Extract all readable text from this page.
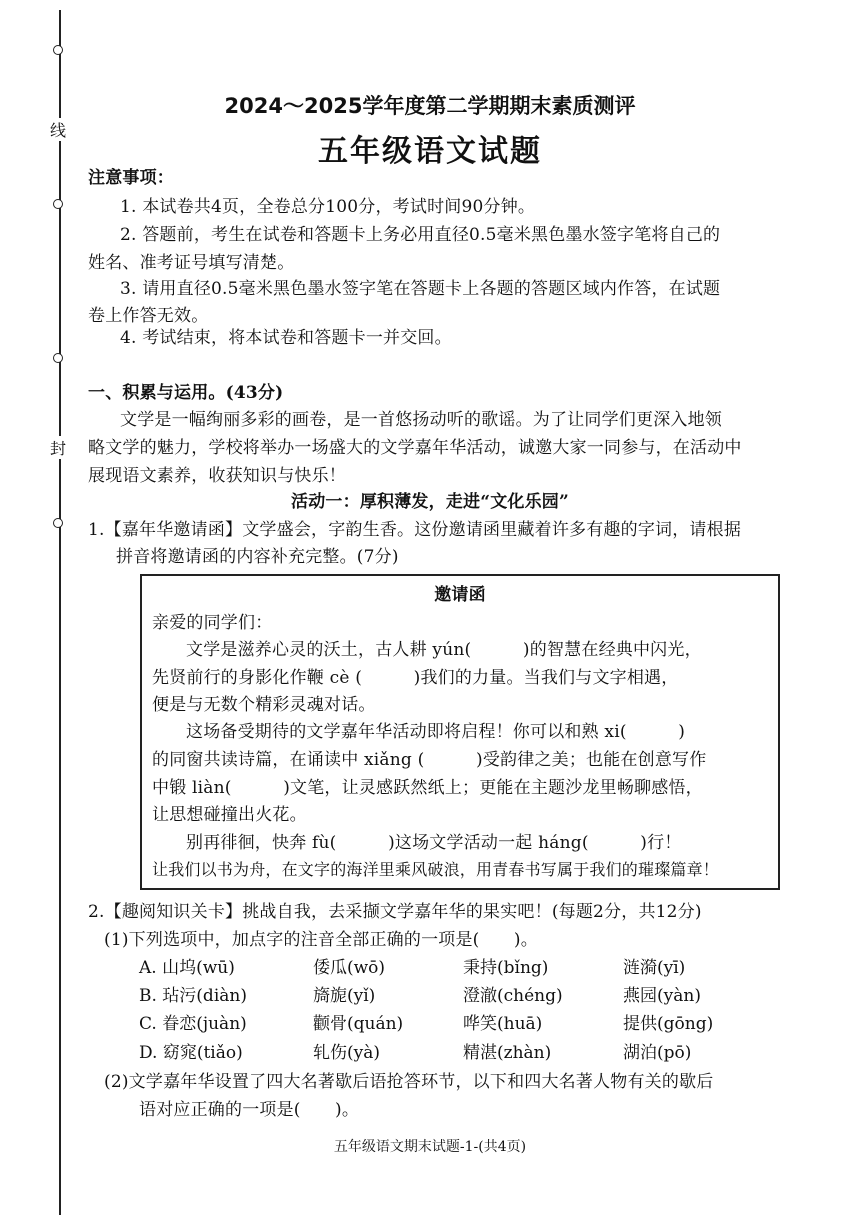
线
封
2024～2025学年度第二学期期末素质测评
五年级语文试题
注意事项：
1. 本试卷共4页，全卷总分100分，考试时间90分钟。
2. 答题前，考生在试卷和答题卡上务必用直径0.5毫米黑色墨水签字笔将自己的
姓名、准考证号填写清楚。
3. 请用直径0.5毫米黑色墨水签字笔在答题卡上各题的答题区域内作答，在试题
卷上作答无效。
4. 考试结束，将本试卷和答题卡一并交回。
一、积累与运用。(43分)
文学是一幅绚丽多彩的画卷，是一首悠扬动听的歌谣。为了让同学们更深入地领
略文学的魅力，学校将举办一场盛大的文学嘉年华活动，诚邀大家一同参与，在活动中
展现语文素养，收获知识与快乐！
活动一：厚积薄发，走进“文化乐园”
1.【嘉年华邀请函】文学盛会，字韵生香。这份邀请函里藏着许多有趣的字词，请根据
拼音将邀请函的内容补充完整。(7分)
邀请函
亲爱的同学们：
文学是滋养心灵的沃土，古人耕 yún(　　　)的智慧在经典中闪光，
先贤前行的身影化作鞭 cè (　　　)我们的力量。当我们与文字相遇，
便是与无数个精彩灵魂对话。
这场备受期待的文学嘉年华活动即将启程！你可以和熟 xi(　　　)
的同窗共读诗篇，在诵读中 xiǎng (　　　)受韵律之美；也能在创意写作
中锻 liàn(　　　)文笔，让灵感跃然纸上；更能在主题沙龙里畅聊感悟，
让思想碰撞出火花。
别再徘徊，快奔 fù(　　　)这场文学活动一起 háng(　　　)行！
让我们以书为舟，在文字的海洋里乘风破浪，用青春书写属于我们的璀璨篇章！
2.【趣阅知识关卡】挑战自我，去采撷文学嘉年华的果实吧！(每题2分，共12分)
(1)下列选项中，加点字的注音全部正确的一项是(　　)。
A. 山坞(wū)	倭瓜(wō)	秉持(bǐng)	涟漪(yī)
B. 玷污(diàn)	旖旎(yǐ)	澄澈(chéng)	燕园(yàn)
C. 眷恋(juàn)	颧骨(quán)	哗笑(huā)	提供(gōng)
D. 窈窕(tiǎo)	轧伤(yà)	精湛(zhàn)	湖泊(pō)
(2)文学嘉年华设置了四大名著歇后语抢答环节，以下和四大名著人物有关的歇后
语对应正确的一项是(　　)。
五年级语文期末试题-1-(共4页)
